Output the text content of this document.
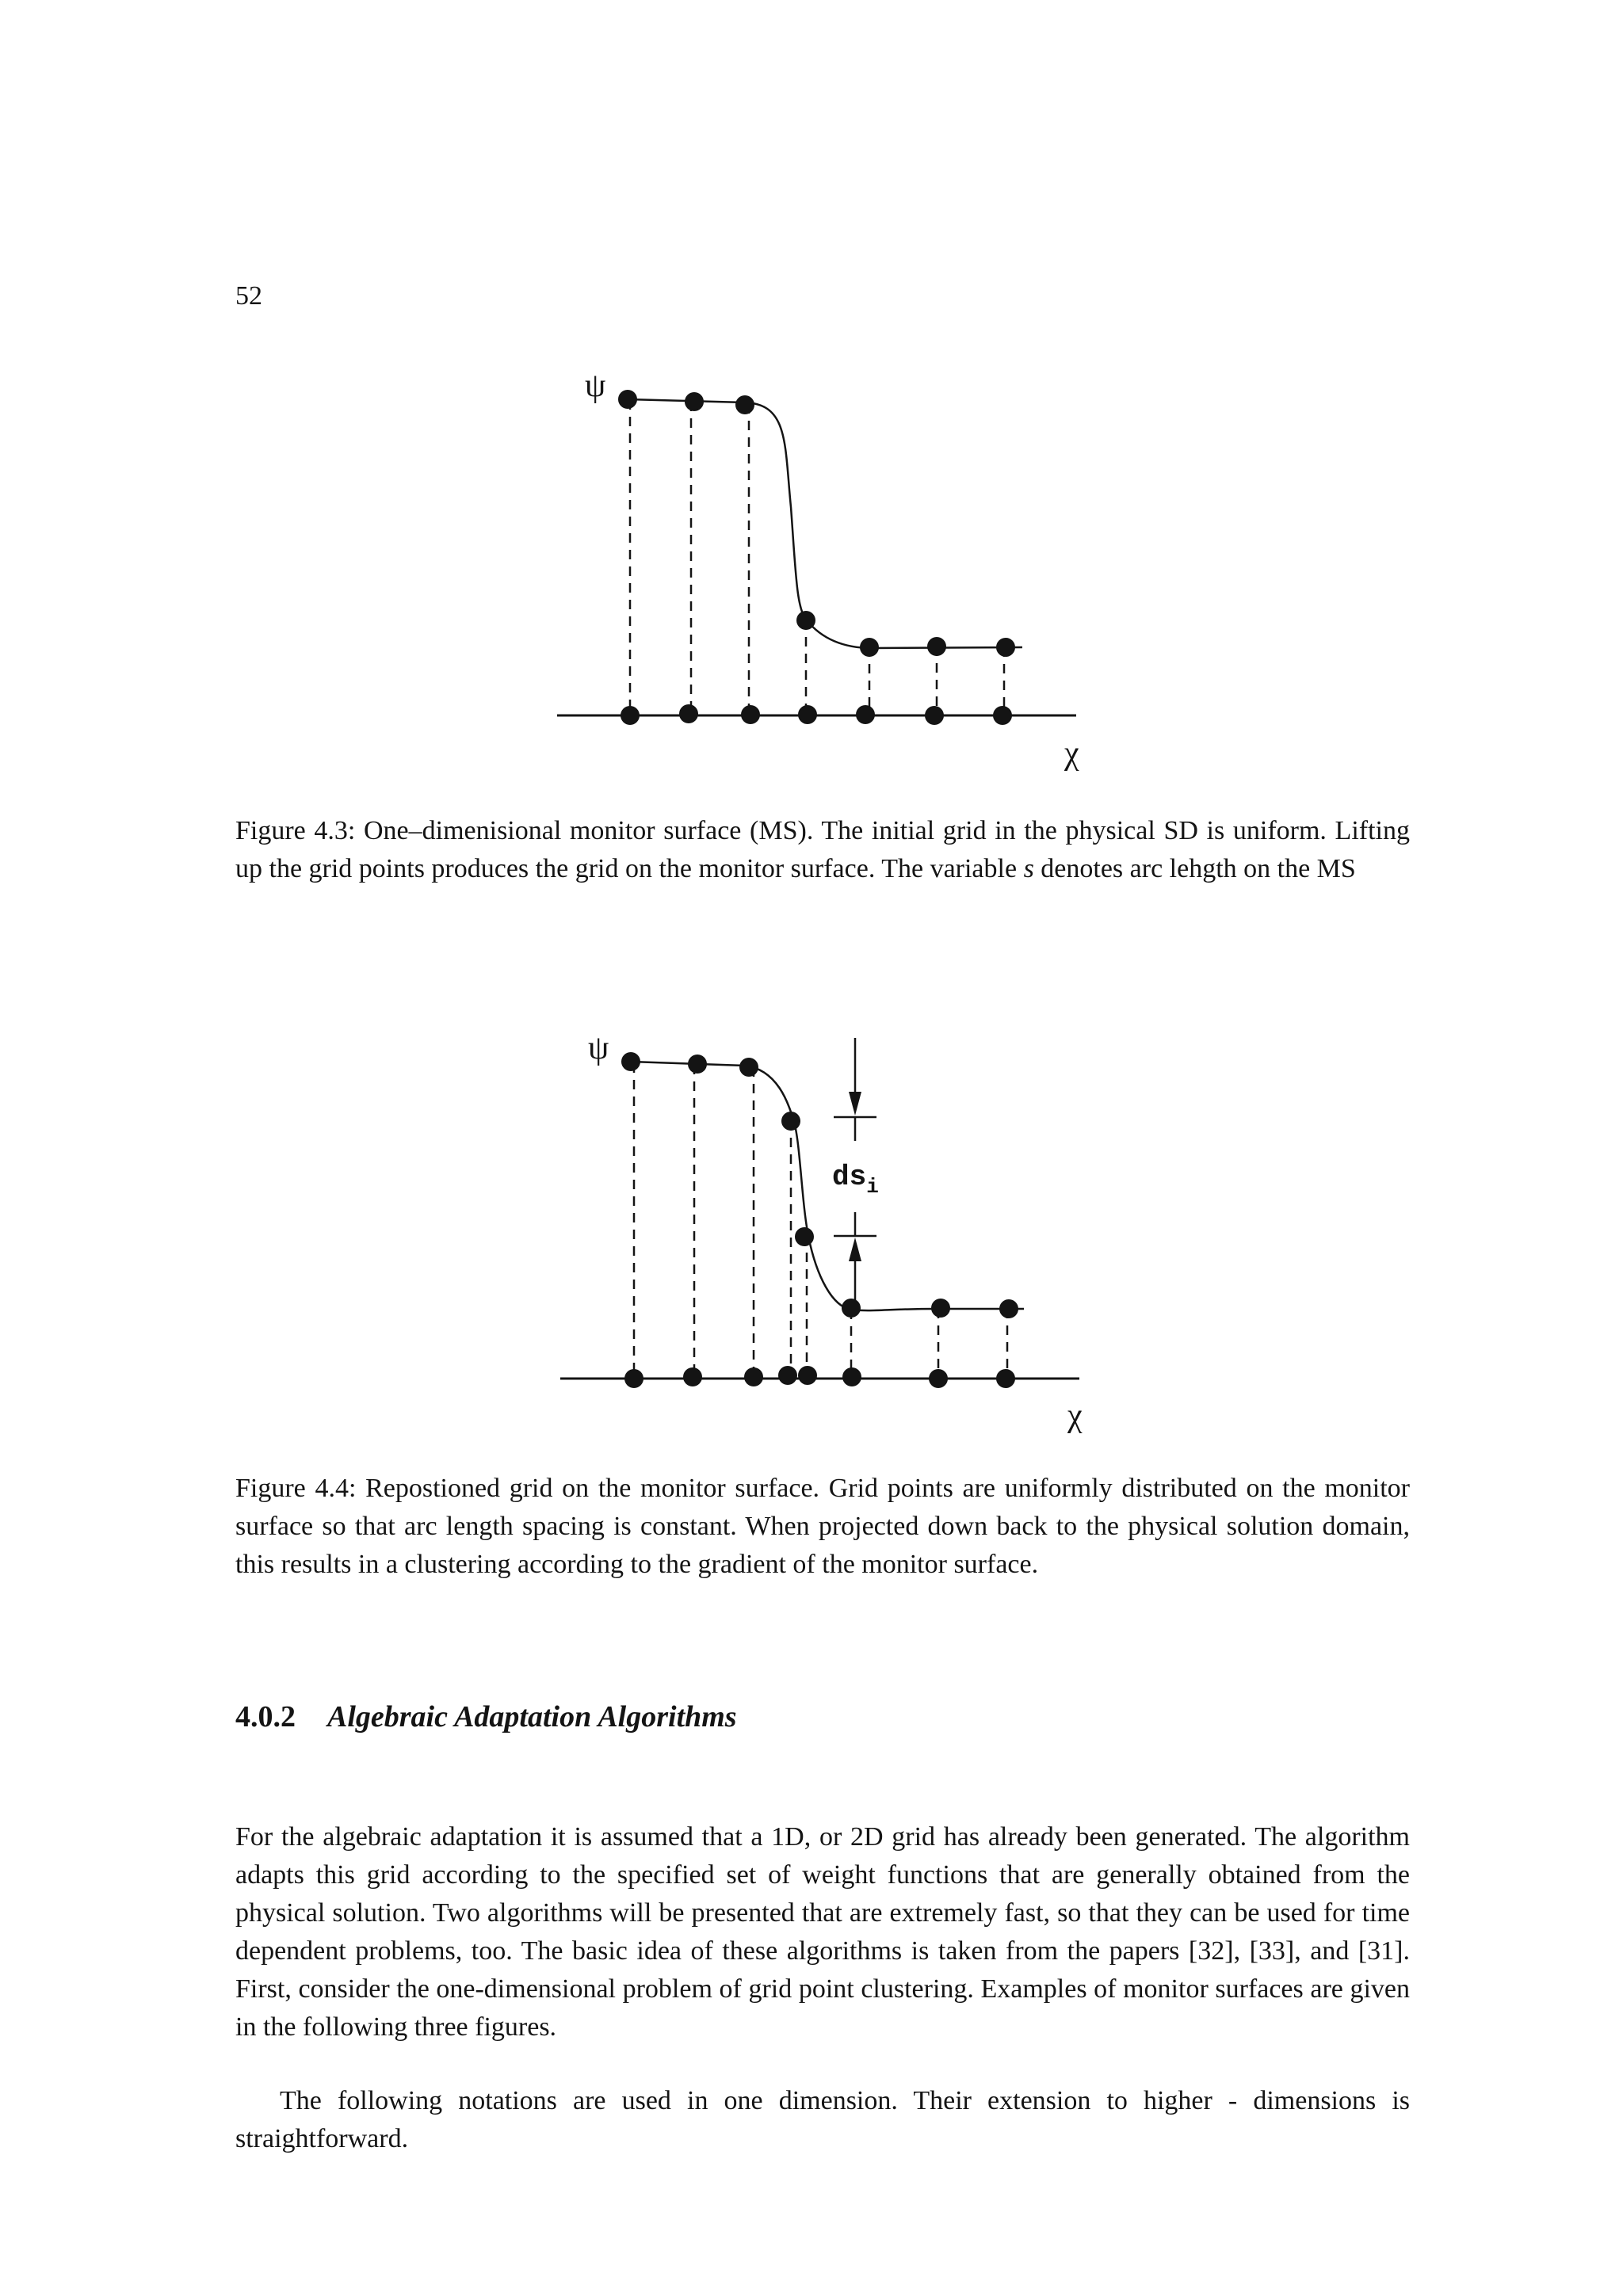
52
ψ
χ

Figure 4.3: One–dimenisional monitor surface (MS). The initial grid in the physical SD is uniform. Lifting up the grid points produces the grid on the monitor surface. The variable s denotes arc lehgth on the MS

ψ
χ
$ds_i$

Figure 4.4: Repostioned grid on the monitor surface. Grid points are uniformly distributed on the monitor surface so that arc length spacing is constant. When projected down back to the physical solution domain, this results in a clustering according to the gradient of the monitor surface.

4.0.2 Algebraic Adaptation Algorithms

For the algebraic adaptation it is assumed that a 1D, or 2D grid has already been generated. The algorithm adapts this grid according to the specified set of weight functions that are generally obtained from the physical solution. Two algorithms will be presented that are extremely fast, so that they can be used for time dependent problems, too. The basic idea of these algorithms is taken from the papers [32], [33], and [31]. First, consider the one-dimensional problem of grid point clustering. Examples of monitor surfaces are given in the following three figures.

The following notations are used in one dimension. Their extension to higher - dimensions is straightforward.
